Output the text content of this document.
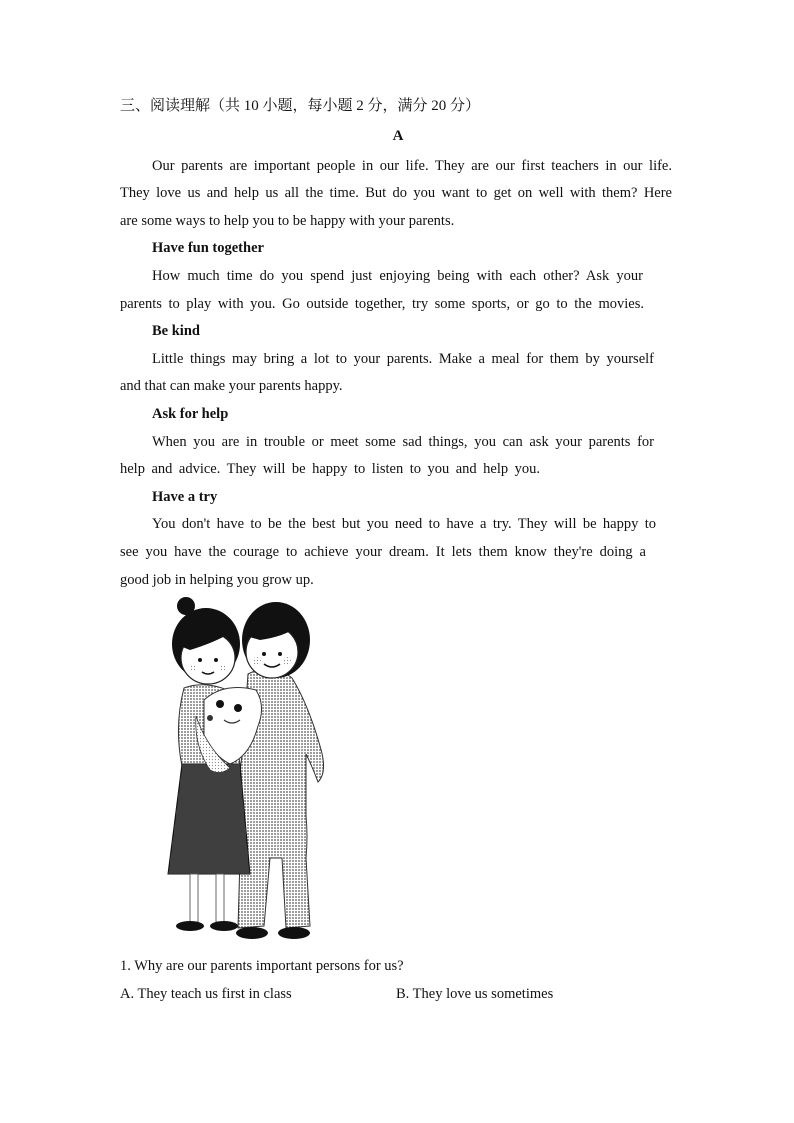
三、阅读理解（共 10 小题，每小题 2 分，满分 20 分）
A
Our parents are important people in our life. They are our first teachers in our life.
They love us and help us all the time. But do you want to get on well with them? Here
are some ways to help you to be happy with your parents.
Have fun together
How much time do you spend just enjoying being with each other? Ask your
parents to play with you. Go outside together, try some sports, or go to the movies.
Be kind
Little things may bring a lot to your parents. Make a meal for them by yourself
and that can make your parents happy.
Ask for help
When you are in trouble or meet some sad things, you can ask your parents for
help and advice. They will be happy to listen to you and help you.
Have a try
You don't have to be the best but you need to have a try. They will be happy to
see you have the courage to achieve your dream. It lets them know they're doing a
good job in helping you grow up.
1. Why are our parents important persons for us?
A. They teach us first in class	B. They love us sometimes
